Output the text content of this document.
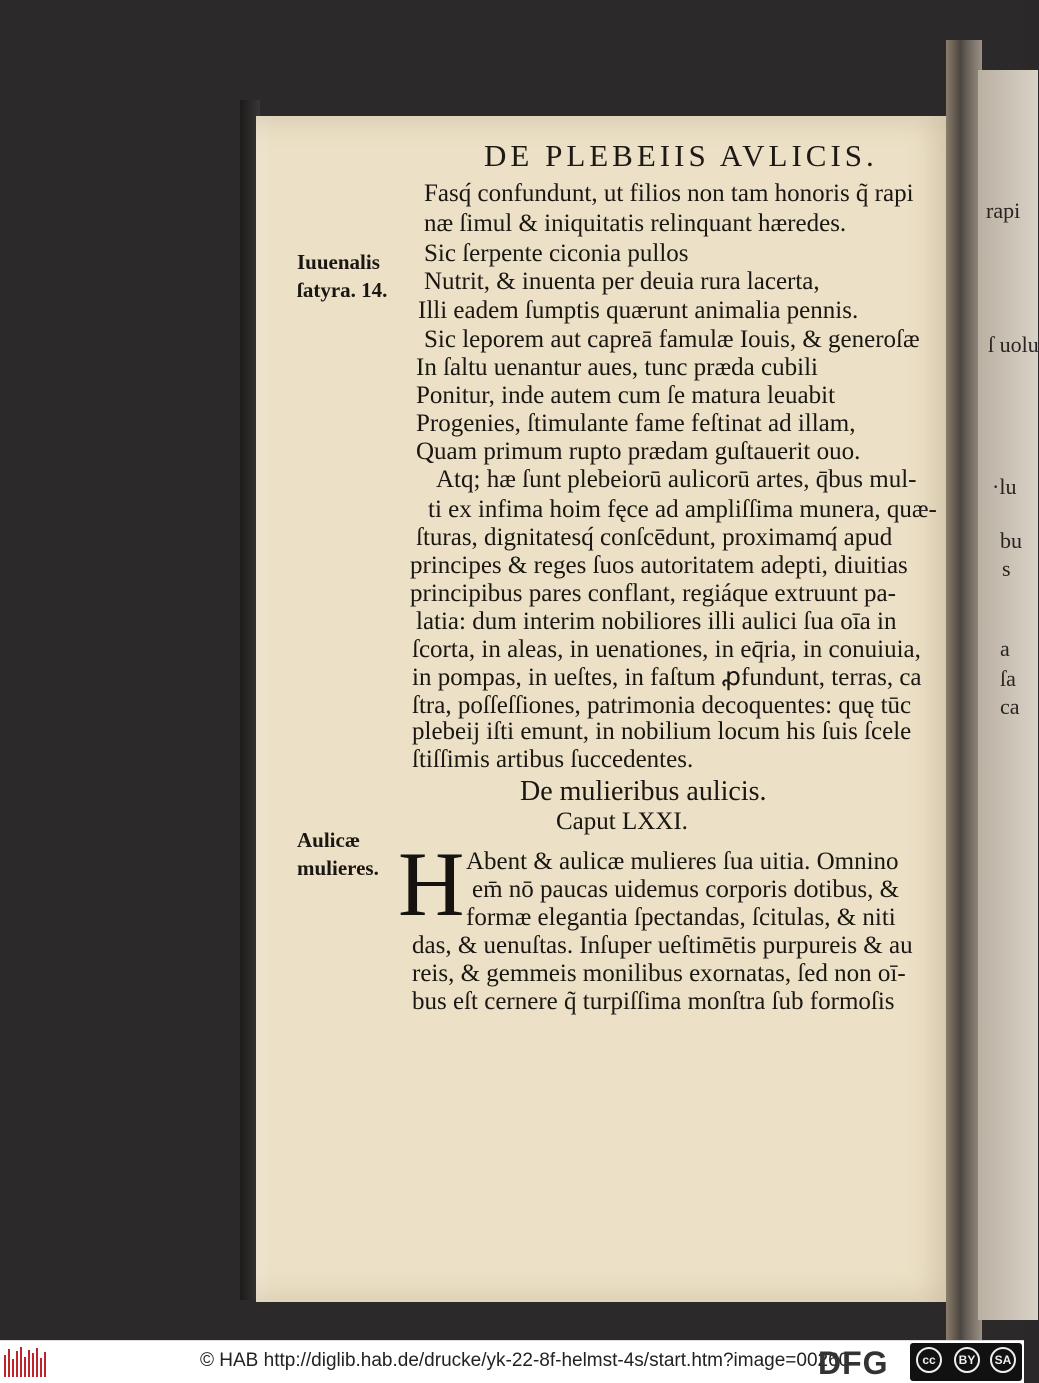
rapi
ſ uolu
·lu
bu
s
a
ſa
ca
DE PLEBEIIS AVLICIS.
Fasq́ confundunt, ut filios non tam honoris q̃ rapi
næ ſimul & iniquitatis relinquant hæredes.
Sic ſerpente ciconia pullos
Nutrit, & inuenta per deuia rura lacerta,
Illi eadem ſumptis quærunt animalia pennis.
Sic leporem aut capreā famulæ Iouis, & generoſæ
In ſaltu uenantur aues, tunc præda cubili
Ponitur, inde autem cum ſe matura leuabit
Progenies, ſtimulante fame feſtinat ad illam,
Quam primum rupto prædam guſtauerit ouo.
Atq; hæ ſunt plebeiorū aulicorū artes, q̄bus mul-
ti ex infima hoim fęce ad ampliſſima munera, quæ-
ſturas, dignitatesq́ conſcēdunt, proximamq́ apud
principes & reges ſuos autoritatem adepti, diuitias
principibus pares conflant, regiáque extruunt pa-
latia: dum interim nobiliores illi aulici ſua oīa in
ſcorta, in aleas, in uenationes, in eq̄ria, in conuiuia,
in pompas, in ueſtes, in faſtum ꝓfundunt, terras, ca
ſtra, poſſeſſiones, patrimonia decoquentes: quę tūc
plebeij iſti emunt, in nobilium locum his ſuis ſcele
ſtiſſimis artibus ſuccedentes.
Iuuenalis
ſatyra. 14.
De mulieribus aulicis.
Caput LXXI.
Aulicæ
mulieres. H Abent & aulicæ mulieres ſua uitia. Omnino
em̄ nō paucas uidemus corporis dotibus, &
formæ elegantia ſpectandas, ſcitulas, & niti
das, & uenuſtas. Inſuper ueſtimētis purpureis & au
reis, & gemmeis monilibus exornatas, ſed non oī-
bus eſt cernere q̃ turpiſſima monſtra ſub formoſis
© HAB http://diglib.hab.de/drucke/yk-22-8f-helmst-4s/start.htm?image=00260
DFG	cc	BY	SA
